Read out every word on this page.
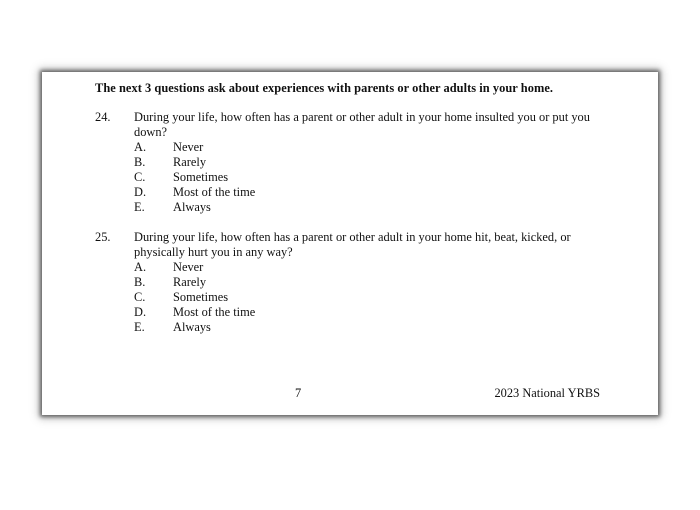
The next 3 questions ask about experiences with parents or other adults in your home.
24. During your life, how often has a parent or other adult in your home insulted you or put you down?
A. Never
B. Rarely
C. Sometimes
D. Most of the time
E. Always
25. During your life, how often has a parent or other adult in your home hit, beat, kicked, or physically hurt you in any way?
A. Never
B. Rarely
C. Sometimes
D. Most of the time
E. Always
7	2023 National YRBS
